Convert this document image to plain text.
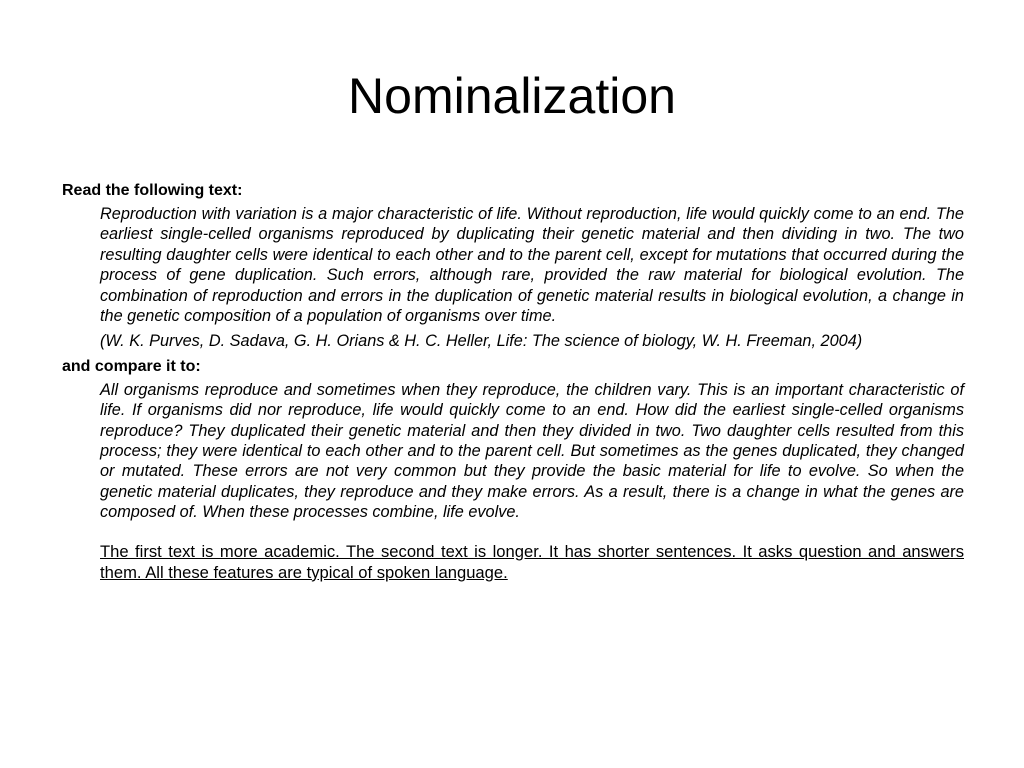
Nominalization

Read the following text:

Reproduction with variation is a major characteristic of life. Without reproduction, life would quickly come to an end. The earliest single-celled organisms reproduced by duplicating their genetic material and then dividing in two. The two resulting daughter cells were identical to each other and to the parent cell, except for mutations that occurred during the process of gene duplication. Such errors, although rare, provided the raw material for biological evolution. The combination of reproduction and errors in the duplication of genetic material results in biological evolution, a change in the genetic composition of a population of organisms over time.
(W. K. Purves, D. Sadava, G. H. Orians & H. C. Heller, Life: The science of biology, W. H. Freeman, 2004)

and compare it to:

All organisms reproduce and sometimes when they reproduce, the children vary. This is an important characteristic of life. If organisms did nor reproduce, life would quickly come to an end. How did the earliest single-celled organisms reproduce? They duplicated their genetic material and then they divided in two. Two daughter cells resulted from this process; they were identical to each other and to the parent cell. But sometimes as the genes duplicated, they changed or mutated. These errors are not very common but they provide the basic material for life to evolve. So when the genetic material duplicates, they reproduce and they make errors. As a result, there is a change in what the genes are composed of. When these processes combine, life evolve.
The first text is more academic. The second text is longer. It has shorter sentences. It asks question and answers them. All these features are typical of spoken language.
